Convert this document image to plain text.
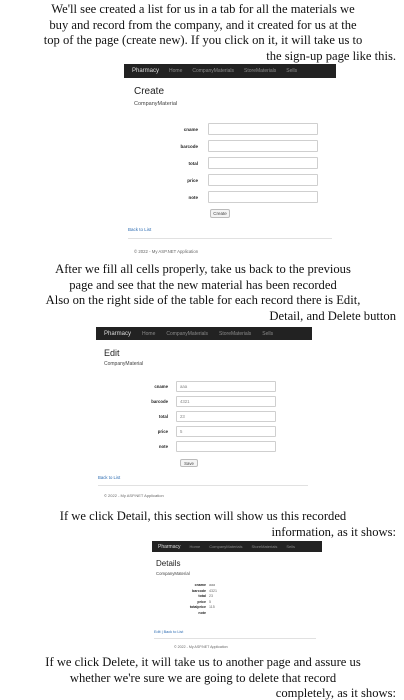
We'll see created a list for us in a tab for all the materials we
buy and record from the company, and it created for us at the
top of the page (create new). If you click on it, it will take us to
the sign-up page like this.
Pharmacy Home CompanyMaterials StoreMaterials Sells
Create
CompanyMaterial
cname
barcode
total
price
note
Create
Back to List
© 2022 - My ASP.NET Application
After we fill all cells properly, take us back to the previous
page and see that the new material has been recorded
Also on the right side of the table for each record there is Edit,
Detail, and Delete button
Pharmacy Home CompanyMaterials StoreMaterials Sells
Edit
CompanyMaterial
cname	aaa
barcode	4321
total	23
price	5
note
Save
Back to List
© 2022 - My ASP.NET Application
If we click Detail, this section will show us this recorded
information, as it shows:
Pharmacy Home CompanyMaterials StoreMaterials Sells
Details
CompanyMaterial
cname aaa
barcode 4321
total 23
price 5
totalprice 115
note
Edit | Back to List
© 2022 - My ASP.NET Application
If we click Delete, it will take us to another page and assure us
whether we're sure we are going to delete that record
completely, as it shows:
